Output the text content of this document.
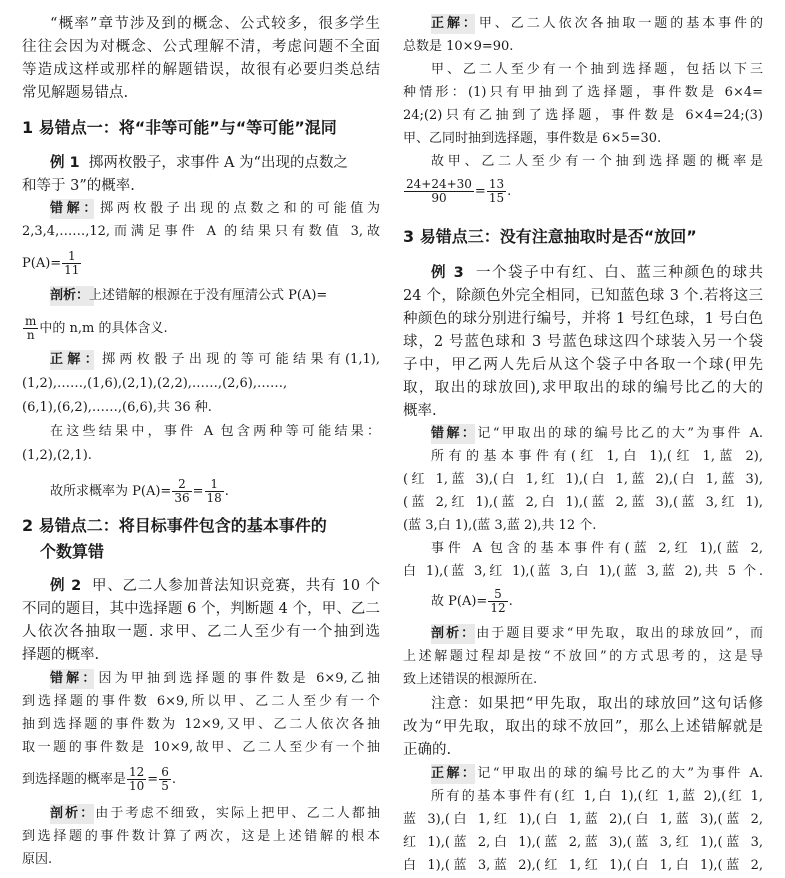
“概率”章节涉及到的概念、公式较多，很多学生
往往会因为对概念、公式理解不清，考虑问题不全面
等造成这样或那样的解题错误，故很有必要归类总结
常见解题易错点.
1 易错点一：将“非等可能”与“等可能”混同
例 1 掷两枚骰子，求事件 A 为“出现的点数之
和等于 3”的概率.
错解：掷两枚骰子出现的点数之和的可能值为
2,3,4,……,12,而满足事件 A 的结果只有数值 3,故
$P(A)= \frac{1}{11}$
剖析：上述错解的根源在于没有厘清公式 P(A)=
$\frac{m}{n}$ 中的 n,m 的具体含义.
正解：掷两枚骰子出现的等可能结果有(1,1),
(1,2),……,(1,6),(2,1),(2,2),……,(2,6),……,
(6,1),(6,2),……,(6,6),共 36 种.
在这些结果中，事件 A 包含两种等可能结果：
(1,2),(2,1).
故所求概率为 $P(A)= \frac{2}{36} = \frac{1}{18}$ .
2 易错点二：将目标事件包含的基本事件的
个数算错
例 2 甲、乙二人参加普法知识竞赛，共有 10 个
不同的题目，其中选择题 6 个，判断题 4 个，甲、乙二
人依次各抽取一题. 求甲、乙二人至少有一个抽到选
择题的概率.
错解：因为甲抽到选择题的事件数是 6×9,乙抽
到选择题的事件数 6×9,所以甲、乙二人至少有一个
抽到选择题的事件数为 12×9,又甲、乙二人依次各抽
取一题的事件数是 10×9,故甲、乙二人至少有一个抽
到选择题的概率是 $\frac{12}{10} = \frac{6}{5}$ .
剖析：由于考虑不细致，实际上把甲、乙二人都抽
到选择题的事件数计算了两次，这是上述错解的根本
原因.
正解：甲、乙二人依次各抽取一题的基本事件的
总数是 10×9=90.
甲、乙二人至少有一个抽到选择题，包括以下三
种情形：(1)只有甲抽到了选择题，事件数是 6×4=
24;(2)只有乙抽到了选择题，事件数是 6×4=24;(3)
甲、乙同时抽到选择题，事件数是 6×5=30.
故甲、乙二人至少有一个抽到选择题的概率是
$\frac{24+24+30}{90} = \frac{13}{15}$ .
3 易错点三：没有注意抽取时是否“放回”
例 3 一个袋子中有红、白、蓝三种颜色的球共
24 个，除颜色外完全相同，已知蓝色球 3 个.若将这三
种颜色的球分别进行编号，并将 1 号红色球，1 号白色
球，2 号蓝色球和 3 号蓝色球这四个球装入另一个袋
子中，甲乙两人先后从这个袋子中各取一个球(甲先
取，取出的球放回),求甲取出的球的编号比乙的大的
概率.
错解：记“甲取出的球的编号比乙的大”为事件 A.
所有的基本事件有(红 1,白 1),(红 1,蓝 2),
(红 1,蓝 3),(白 1,红 1),(白 1,蓝 2),(白 1,蓝 3),
(蓝 2,红 1),(蓝 2,白 1),(蓝 2,蓝 3),(蓝 3,红 1),
(蓝 3,白 1),(蓝 3,蓝 2),共 12 个.
事件 A 包含的基本事件有(蓝 2,红 1),(蓝 2,
白 1),(蓝 3,红 1),(蓝 3,白 1),(蓝 3,蓝 2),共 5 个.
故 $P(A)= \frac{5}{12}$ .
剖析：由于题目要求“甲先取，取出的球放回”，而
上述解题过程却是按“不放回”的方式思考的，这是导
致上述错误的根源所在.
注意：如果把“甲先取，取出的球放回”这句话修
改为“甲先取，取出的球不放回”，那么上述错解就是
正确的.
正解：记“甲取出的球的编号比乙的大”为事件 A.
所有的基本事件有(红 1,白 1),(红 1,蓝 2),(红 1,
蓝 3),(白 1,红 1),(白 1,蓝 2),(白 1,蓝 3),(蓝 2,
红 1),(蓝 2,白 1),(蓝 2,蓝 3),(蓝 3,红 1),(蓝 3,
白 1),(蓝 3,蓝 2),(红 1,红 1),(白 1,白 1),(蓝 2,
